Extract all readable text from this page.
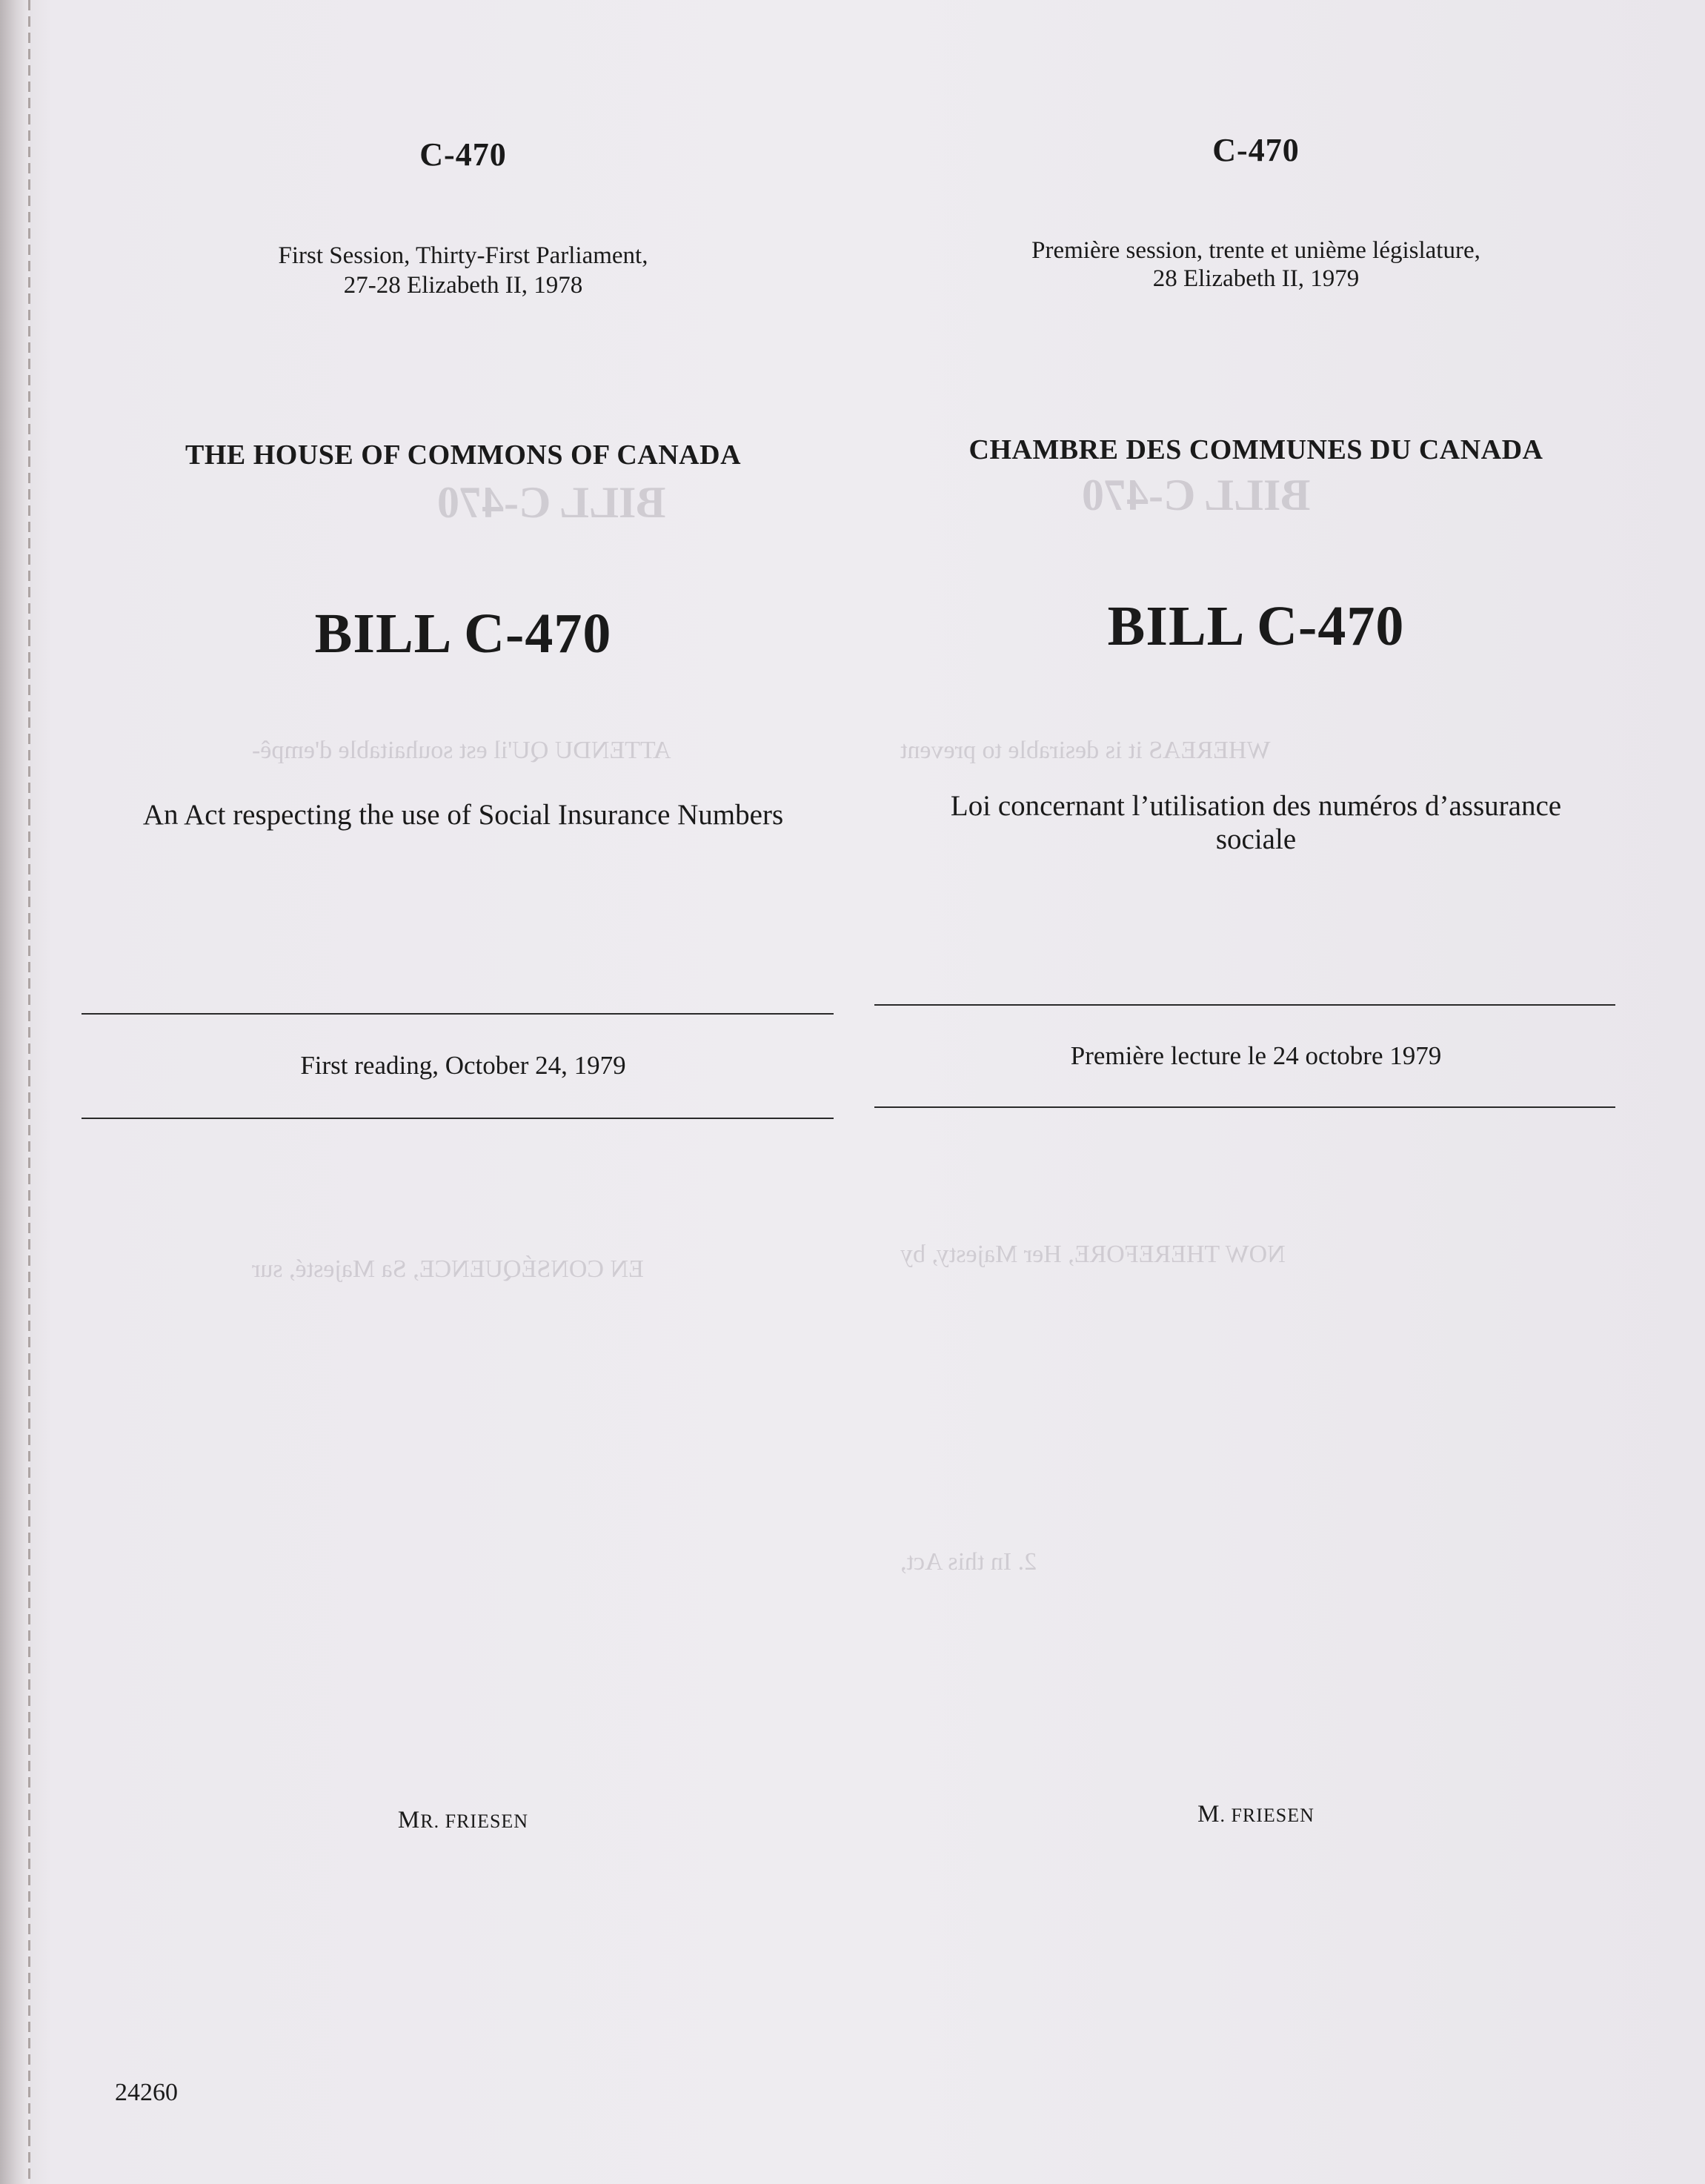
BILL C-470	BILL C-470
ATTENDU QU'il est souhaitable d'empê-
EN CONSÉQUENCE, Sa Majesté, sur
WHEREAS it is desirable to prevent
NOW THEREFORE, Her Majesty, by
2. In this Act,
C-470
First Session, Thirty-First Parliament,
27-28 Elizabeth II, 1978
THE HOUSE OF COMMONS OF CANADA
BILL C-470
An Act respecting the use of Social Insurance Numbers
First reading, October 24, 1979
MR. FRIESEN
C-470
Première session, trente et unième législature,
28 Elizabeth II, 1979
CHAMBRE DES COMMUNES DU CANADA
BILL C-470
Loi concernant l’utilisation des numéros d’assurance
sociale
Première lecture le 24 octobre 1979
M. FRIESEN
24260
